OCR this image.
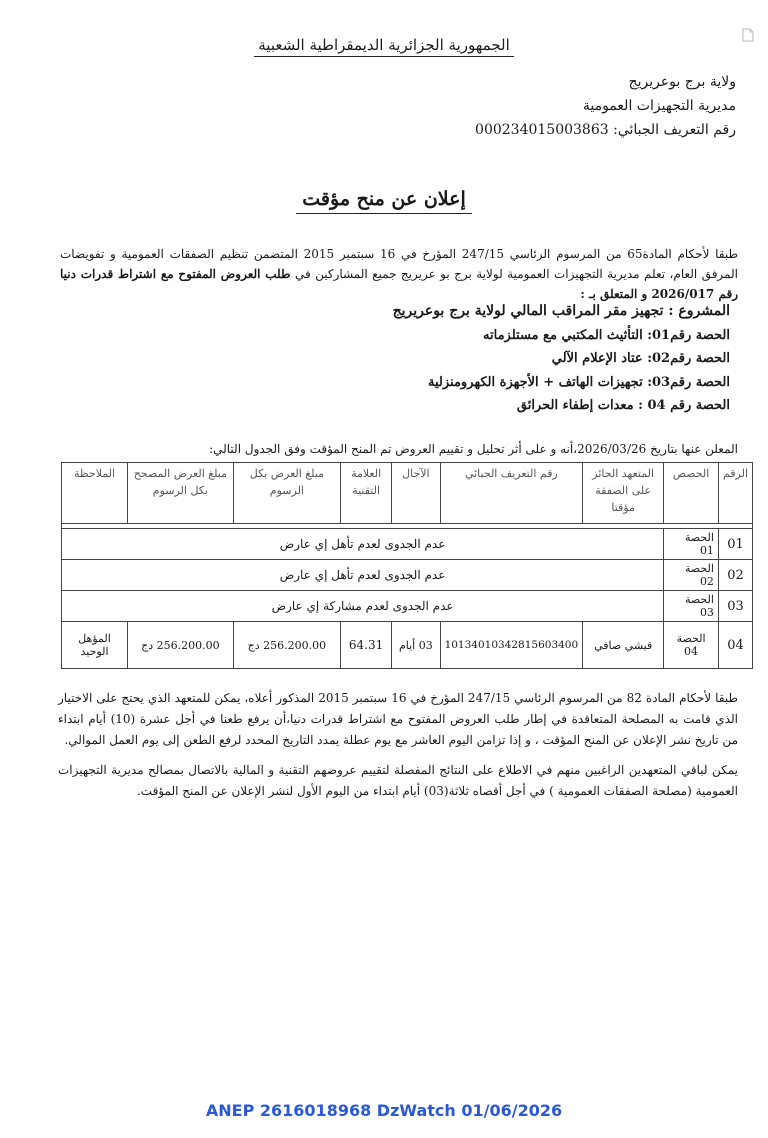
الجمهورية الجزائرية الديمقراطية الشعبية
ولاية برج بوعريريج
مديرية التجهيزات العمومية
رقم التعريف الجبائي: 000234015003863
إعلان عن منح مؤقت
طبقا لأحكام المادة65 من المرسوم الرئاسي 247/15 المؤرخ في 16 سبتمبر 2015 المتضمن تنظيم الصفقات العمومية و تفويضات المرفق العام، تعلم مديرية التجهيزات العمومية لولاية برج بو عريريج جميع المشاركين في طلب العروض المفتوح مع اشتراط قدرات دنيا رقم 2026/017 و المتعلق بـ :
المشروع : تجهيز مقر المراقب المالي لولاية برج بوعريريج
الحصة رقم01: التأثيث المكتبي مع مستلزماته
الحصة رقم02: عتاد الإعلام الآلي
الحصة رقم03: تجهيزات الهاتف + الأجهزة الكهرومنزلية
الحصة رقم 04 : معدات إطفاء الحرائق
المعلن عنها بتاريخ 2026/03/26،أنه و على أثر تحليل و تقييم العروض تم المنح المؤقت وفق الجدول التالي:
الرقم	الحصص	المتعهد الحائز على الصفقة مؤقتا	رقم التعريف الجبائي	الآجال	العلامة التقنية	مبلغ العرض بكل الرسوم	مبلغ العرض المصحح بكل الرسوم	الملاحظة

01	الحصة 01	عدم الجدوى لعدم تأهل إي عارض						
02	الحصة 02	عدم الجدوى لعدم تأهل إي عارض						
03	الحصة 03	عدم الجدوى لعدم مشاركة إي عارض						
04	الحصة 04	قيشي صافي	10134010342815603400	03 أيام	64.31	256.200.00 دج	256.200.00 دج	المؤهل الوحيد
طبقا لأحكام المادة 82 من المرسوم الرئاسي 247/15 المؤرخ في 16 سبتمبر 2015 المذكور أعلاه، يمكن للمتعهد الذي يحتج على الاختيار الذي قامت به المصلحة المتعاقدة في إطار طلب العروض المفتوح مع اشتراط قدرات دنيا،أن يرفع طعنا في أجل عشرة (10) أيام ابتداء من تاريخ نشر الإعلان عن المنح المؤقت ، و إذا تزامن اليوم العاشر مع يوم عطلة يمدد التاريخ المحدد لرفع الطعن إلى يوم العمل الموالي.
يمكن لباقي المتعهدين الراغبين منهم في الاطلاع على النتائج المفصلة لتقييم عروضهم التقنية و المالية بالاتصال بمصالح مديرية التجهيزات العمومية (مصلحة الصفقات العمومية ) في أجل أقصاه ثلاثة(03) أيام ابتداء من اليوم الأول لنشر الإعلان عن المنح المؤقت.
ANEP 2616018968 DzWatch 01/06/2026
